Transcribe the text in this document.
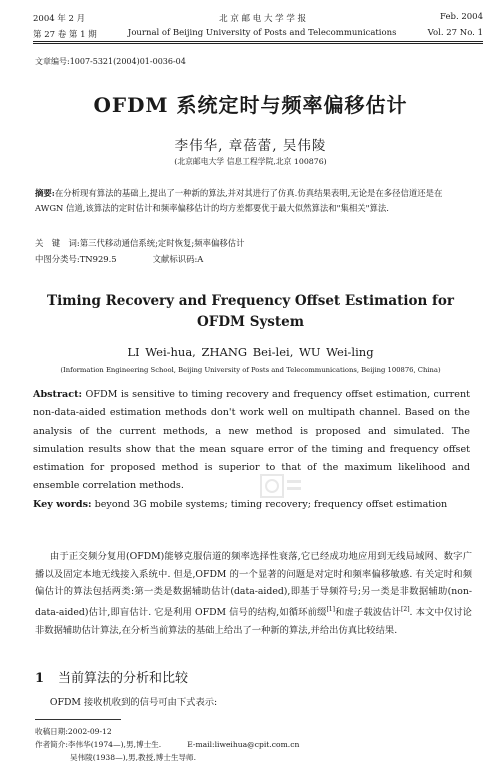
2004 年 2 月	北 京 邮 电 大 学 学 报	Feb. 2004
第 27 卷 第 1 期	Journal of Beijing University of Posts and Telecommunications	Vol. 27 No. 1
文章编号:1007-5321(2004)01-0036-04
OFDM 系统定时与频率偏移估计
李伟华, 章蓓蕾, 吴伟陵
(北京邮电大学 信息工程学院,北京 100876)
摘要:在分析现有算法的基础上,提出了一种新的算法,并对其进行了仿真.仿真结果表明,无论是在多径信道还是在 AWGN 信道,该算法的定时估计和频率偏移估计的均方差都要优于最大似然算法和"集相关"算法.
关　键　词:第三代移动通信系统;定时恢复;频率偏移估计
中图分类号:TN929.5	文献标识码:A
Timing Recovery and Frequency Offset Estimation for
OFDM System
LI Wei-hua, ZHANG Bei-lei, WU Wei-ling
(Information Engineering School, Beijing University of Posts and Telecommunications, Beijing 100876, China)
Abstract: OFDM is sensitive to timing recovery and frequency offset estimation, current non-data-aided estimation methods don't work well on multipath channel. Based on the analysis of the current methods, a new method is proposed and simulated. The simulation results show that the mean square error of the timing and frequency offset estimation for proposed method is superior to that of the maximum likelihood and ensemble correlation methods.
Key words: beyond 3G mobile systems; timing recovery; frequency offset estimation
由于正交频分复用(OFDM)能够克服信道的频率选择性衰落,它已经成功地应用到无线局域网、数字广播以及固定本地无线接入系统中. 但是,OFDM 的一个显著的问题是对定时和频率偏移敏感. 有关定时和频偏估计的算法包括两类:第一类是数据辅助估计(data-aided),即基于导频符号;另一类是非数据辅助(non-data-aided)估计,即盲估计. 它是利用 OFDM 信号的结构,如循环前缀[1]和虚子载波估计[2]. 本文中仅讨论非数据辅助估计算法,在分析当前算法的基础上给出了一种新的算法,并给出仿真比较结果.
1 当前算法的分析和比较
OFDM 接收机收到的信号可由下式表示:
收稿日期:2002-09-12
作者简介:李伟华(1974—),男,博士生.	E-mail:liweihua@cpit.com.cn
吴伟陵(1938—),男,教授,博士生导师.
